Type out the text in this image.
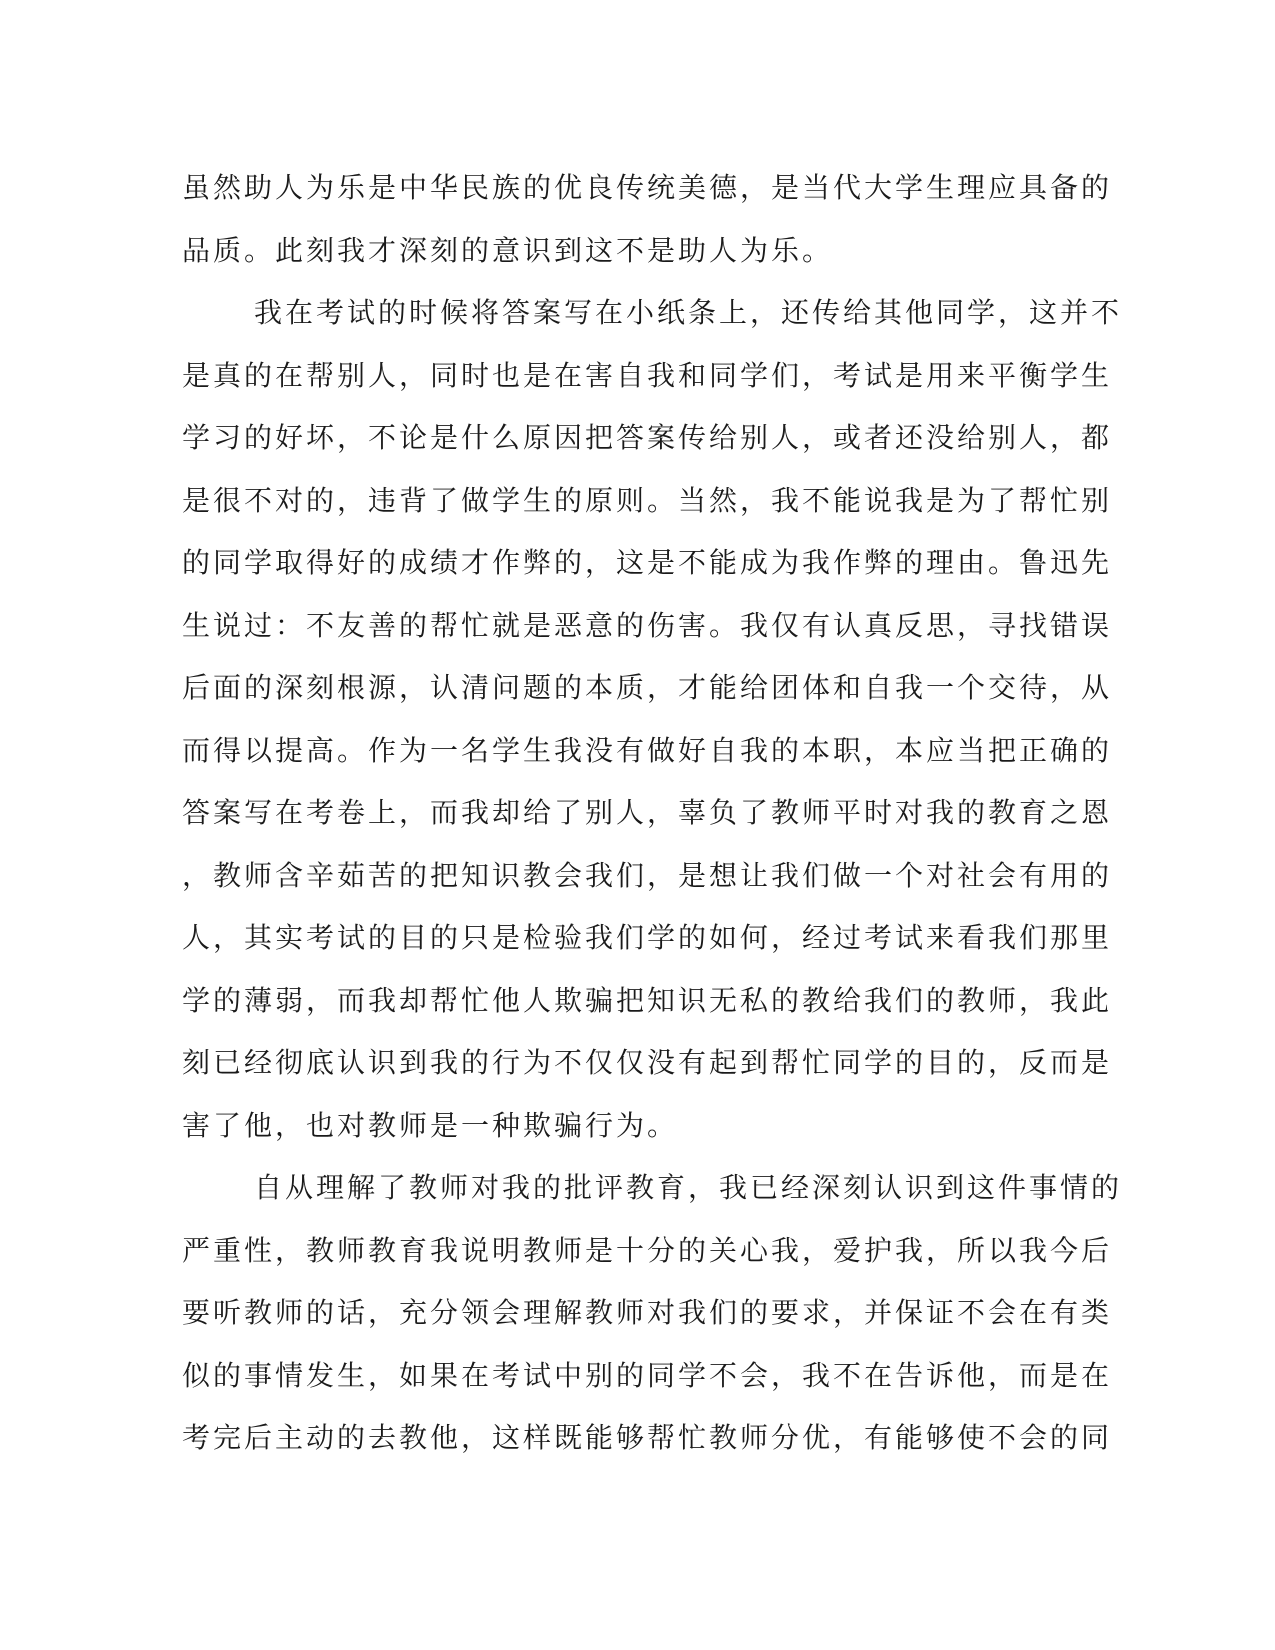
虽然助人为乐是中华民族的优良传统美德，是当代大学生理应具备的
品质。此刻我才深刻的意识到这不是助人为乐。
我在考试的时候将答案写在小纸条上，还传给其他同学，这并不
是真的在帮别人，同时也是在害自我和同学们，考试是用来平衡学生
学习的好坏，不论是什么原因把答案传给别人，或者还没给别人，都
是很不对的，违背了做学生的原则。当然，我不能说我是为了帮忙别
的同学取得好的成绩才作弊的，这是不能成为我作弊的理由。鲁迅先
生说过：不友善的帮忙就是恶意的伤害。我仅有认真反思，寻找错误
后面的深刻根源，认清问题的本质，才能给团体和自我一个交待，从
而得以提高。作为一名学生我没有做好自我的本职，本应当把正确的
答案写在考卷上，而我却给了别人，辜负了教师平时对我的教育之恩
，教师含辛茹苦的把知识教会我们，是想让我们做一个对社会有用的
人，其实考试的目的只是检验我们学的如何，经过考试来看我们那里
学的薄弱，而我却帮忙他人欺骗把知识无私的教给我们的教师，我此
刻已经彻底认识到我的行为不仅仅没有起到帮忙同学的目的，反而是
害了他，也对教师是一种欺骗行为。
自从理解了教师对我的批评教育，我已经深刻认识到这件事情的
严重性，教师教育我说明教师是十分的关心我，爱护我，所以我今后
要听教师的话，充分领会理解教师对我们的要求，并保证不会在有类
似的事情发生，如果在考试中别的同学不会，我不在告诉他，而是在
考完后主动的去教他，这样既能够帮忙教师分优，有能够使不会的同
